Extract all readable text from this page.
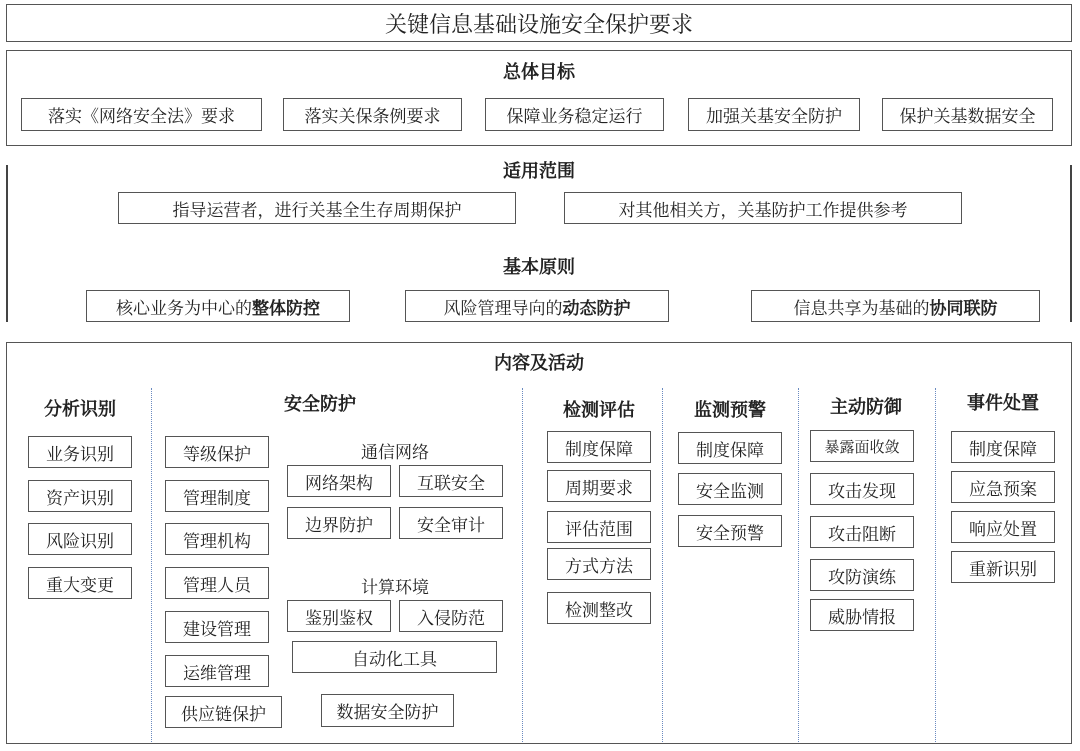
关键信息基础设施安全保护要求
总体目标
落实《网络安全法》要求	落实关保条例要求	保障业务稳定运行	加强关基安全防护	保护关基数据安全
适用范围
指导运营者，进行关基全生存周期保护	对其他相关方，关基防护工作提供参考
基本原则
核心业务为中心的 整体防控	风险管理导向的 动态防护	信息共享为基础的 协同联防
内容及活动
分析识别
业务识别
资产识别
风险识别
重大变更
安全防护
等级保护
管理制度
管理机构
管理人员
建设管理
运维管理
供应链保护
通信网络
网络架构	互联安全
边界防护	安全审计
计算环境
鉴别鉴权	入侵防范
自动化工具
数据安全防护
检测评估
制度保障
周期要求
评估范围
方式方法
检测整改
监测预警
制度保障
安全监测
安全预警
主动防御
暴露面收敛
攻击发现
攻击阻断
攻防演练
威胁情报
事件处置
制度保障
应急预案
响应处置
重新识别
